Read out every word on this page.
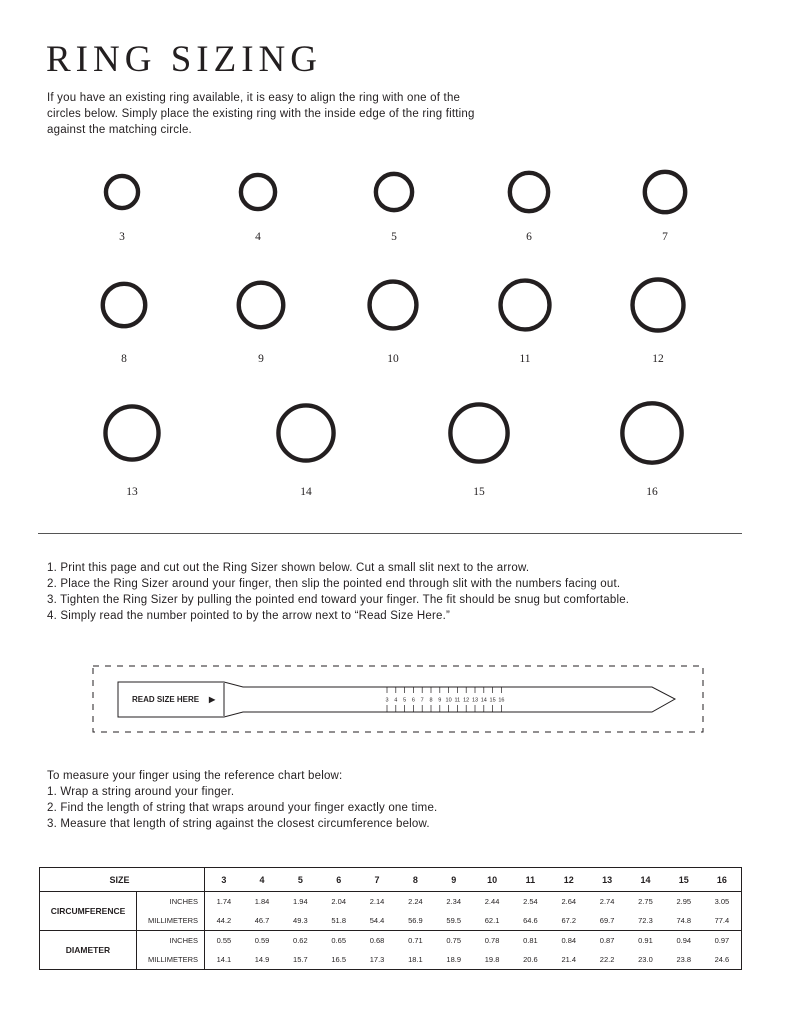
RING SIZING

If you have an existing ring available, it is easy to align the ring with one of the circles below. Simply place the existing ring with the inside edge of the ring fitting against the matching circle.

3	4	5	6	7
8	9	10	11	12
13	14	15	16
1. Print this page and cut out the Ring Sizer shown below. Cut a small slit next to the arrow.
2. Place the Ring Sizer around your finger, then slip the pointed end through slit with the numbers facing out.
3. Tighten the Ring Sizer by pulling the pointed end toward your finger. The fit should be snug but comfortable.
4. Simply read the number pointed to by the arrow next to “Read Size Here.”
READ SIZE HERE ▶	3 4 5 6 7 8 9 10 11 12 13 14 15 16
To measure your finger using the reference chart below:
1. Wrap a string around your finger.
2. Find the length of string that wraps around your finger exactly one time.
3. Measure that length of string against the closest circumference below.
SIZE		3	4	5	6	7	8	9	10	11	12	13	14	15	16
CIRCUMFERENCE	INCHES	1.74	1.84	1.94	2.04	2.14	2.24	2.34	2.44	2.54	2.64	2.74	2.75	2.95	3.05
	MILLIMETERS	44.2	46.7	49.3	51.8	54.4	56.9	59.5	62.1	64.6	67.2	69.7	72.3	74.8	77.4
DIAMETER	INCHES	0.55	0.59	0.62	0.65	0.68	0.71	0.75	0.78	0.81	0.84	0.87	0.91	0.94	0.97
	MILLIMETERS	14.1	14.9	15.7	16.5	17.3	18.1	18.9	19.8	20.6	21.4	22.2	23.0	23.8	24.6
